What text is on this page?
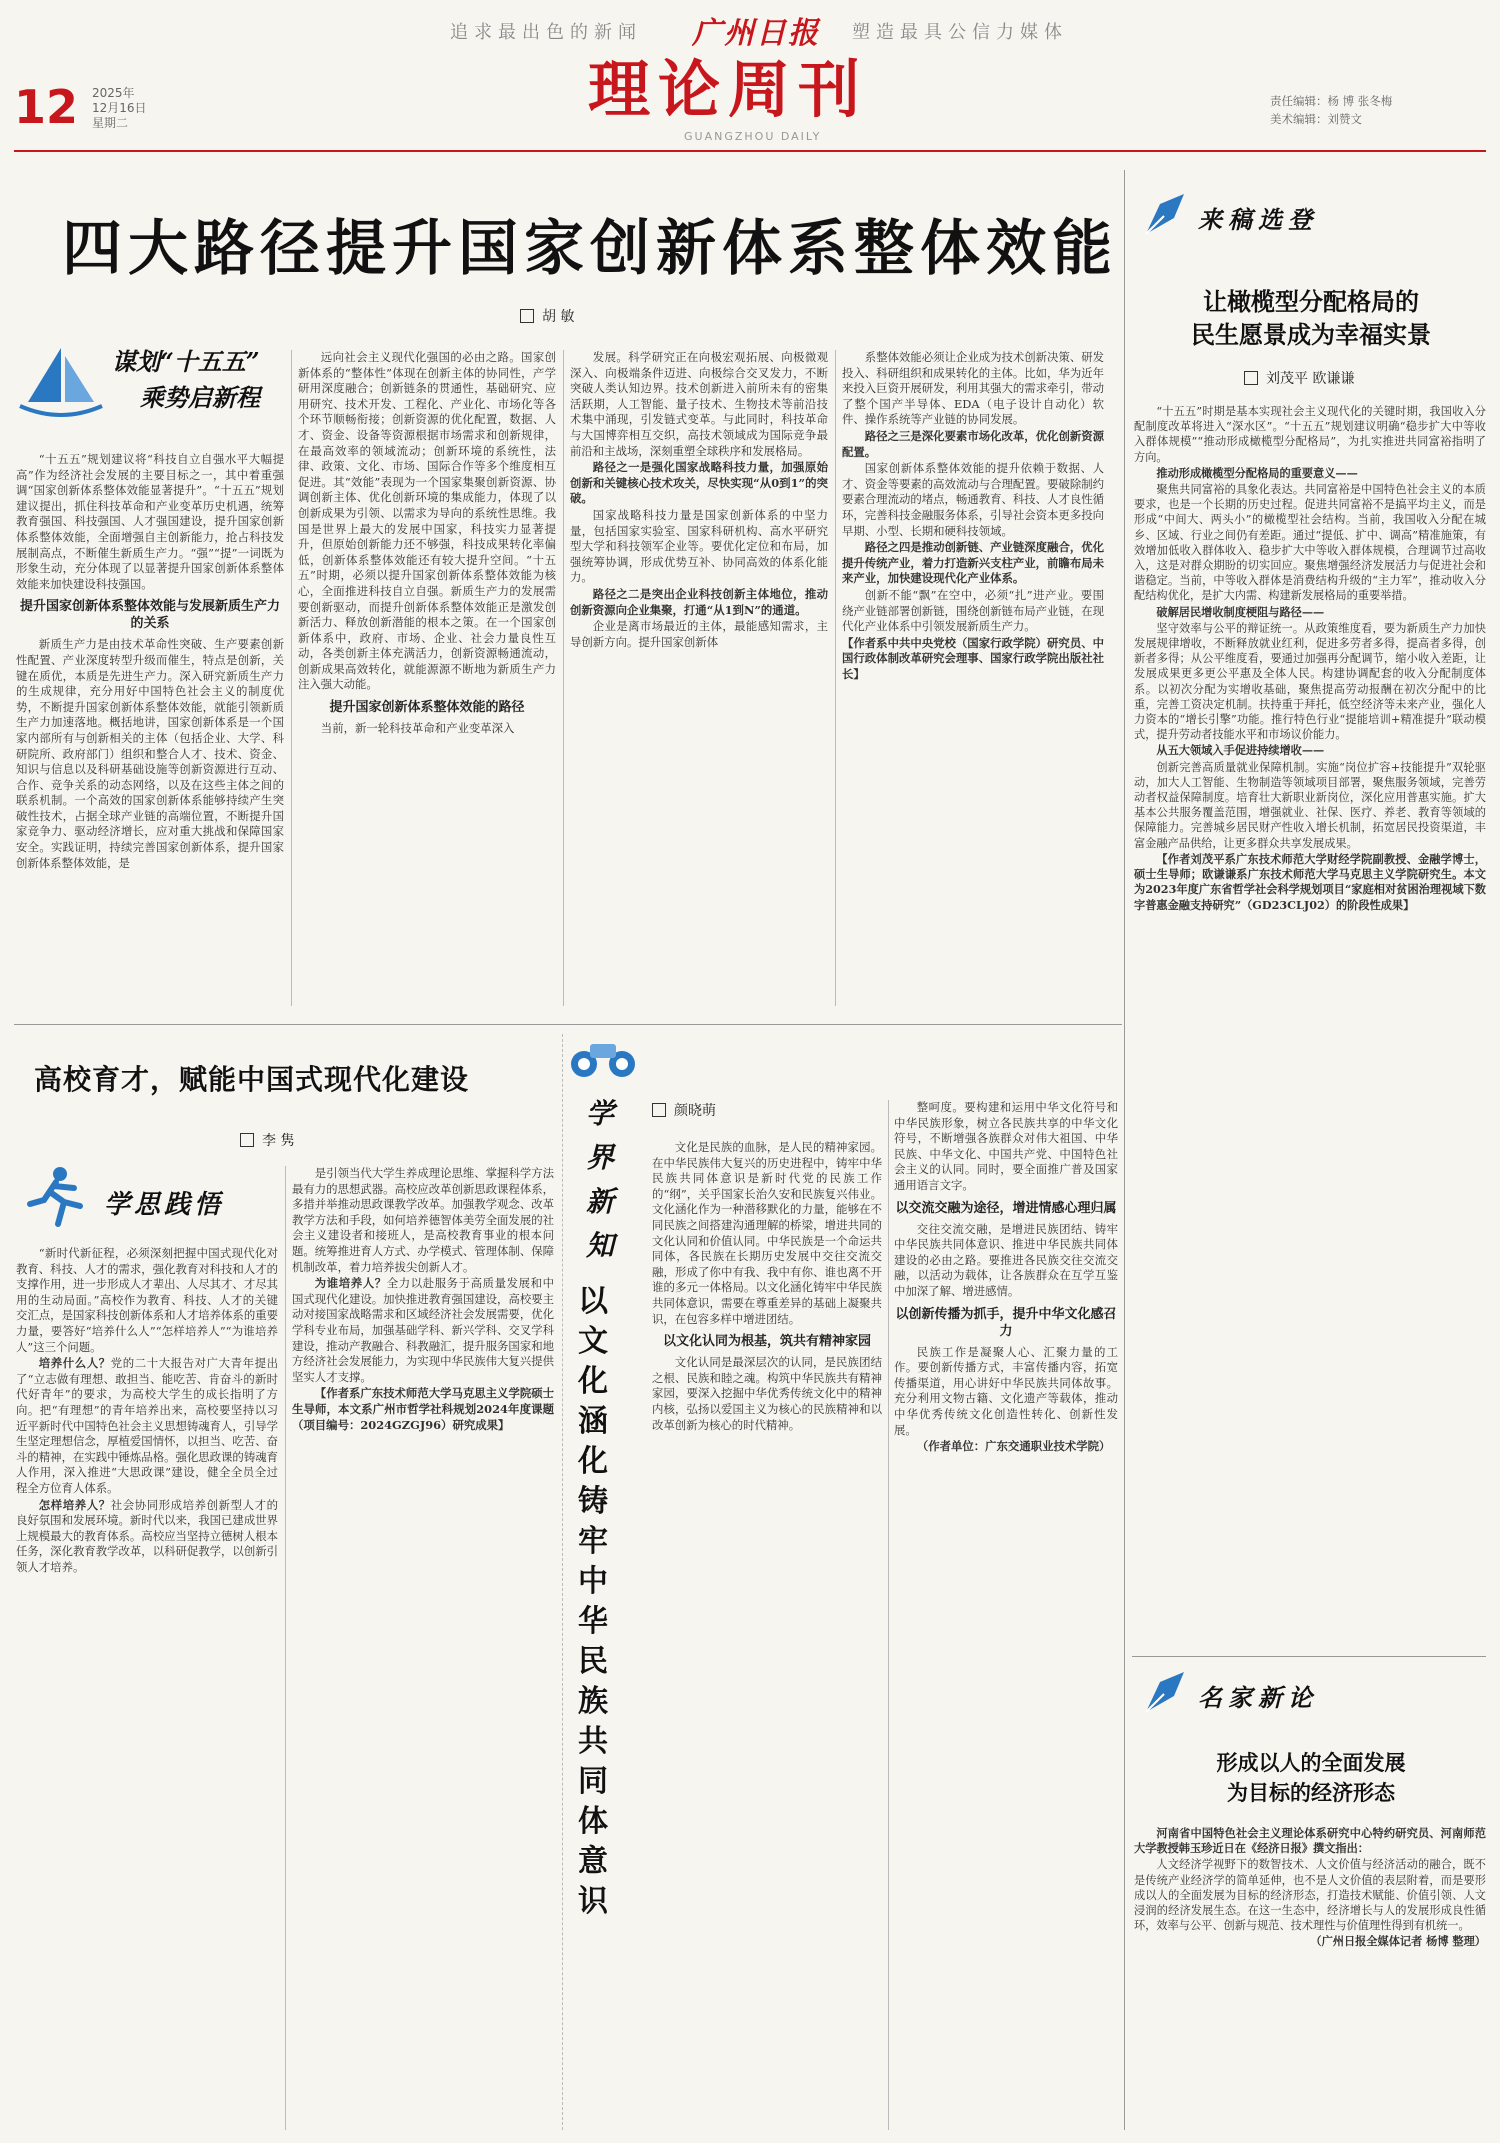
追求最出色的新闻 广州日报 塑造最具公信力媒体
12 2025年
12月16日
星期二	理论周刊
GUANGZHOU DAILY
责任编辑：杨 博 张冬梅
美术编辑：刘赞文
四大路径提升国家创新体系整体效能
胡 敏
谋划“十五五”
乘势启新程

“十五五”规划建议将“科技自立自强水平大幅提高”作为经济社会发展的主要目标之一，其中着重强调“国家创新体系整体效能显著提升”。“十五五”规划建议提出，抓住科技革命和产业变革历史机遇，统筹教育强国、科技强国、人才强国建设，提升国家创新体系整体效能，全面增强自主创新能力，抢占科技发展制高点，不断催生新质生产力。“强”“提”一词既为形象生动，充分体现了以显著提升国家创新体系整体效能来加快建设科技强国。

提升国家创新体系整体效能与发展新质生产力的关系

新质生产力是由技术革命性突破、生产要素创新性配置、产业深度转型升级而催生，特点是创新，关键在质优，本质是先进生产力。深入研究新质生产力的生成规律，充分用好中国特色社会主义的制度优势，不断提升国家创新体系整体效能，就能引领新质生产力加速落地。概括地讲，国家创新体系是一个国家内部所有与创新相关的主体（包括企业、大学、科研院所、政府部门）组织和整合人才、技术、资金、知识与信息以及科研基础设施等创新资源进行互动、合作、竞争关系的动态网络，以及在这些主体之间的联系机制。一个高效的国家创新体系能够持续产生突破性技术，占据全球产业链的高端位置，不断提升国家竞争力、驱动经济增长，应对重大挑战和保障国家安全。实践证明，持续完善国家创新体系，提升国家创新体系整体效能，是

远向社会主义现代化强国的必由之路。国家创新体系的“整体性”体现在创新主体的协同性，产学研用深度融合；创新链条的贯通性，基础研究、应用研究、技术开发、工程化、产业化、市场化等各个环节顺畅衔接；创新资源的优化配置，数据、人才、资金、设备等资源根据市场需求和创新规律，在最高效率的领域流动；创新环境的系统性，法律、政策、文化、市场、国际合作等多个维度相互促进。其“效能”表现为一个国家集聚创新资源、协调创新主体、优化创新环境的集成能力，体现了以创新成果为引领、以需求为导向的系统性思维。我国是世界上最大的发展中国家，科技实力显著提升，但原始创新能力还不够强，科技成果转化率偏低，创新体系整体效能还有较大提升空间。“十五五”时期，必须以提升国家创新体系整体效能为核心，全面推进科技自立自强。新质生产力的发展需要创新驱动，而提升创新体系整体效能正是激发创新活力、释放创新潜能的根本之策。在一个国家创新体系中，政府、市场、企业、社会力量良性互动，各类创新主体充满活力，创新资源畅通流动，创新成果高效转化，就能源源不断地为新质生产力注入强大动能。

提升国家创新体系整体效能的路径

当前，新一轮科技革命和产业变革深入

发展。科学研究正在向极宏观拓展、向极微观深入、向极端条件迈进、向极综合交叉发力，不断突破人类认知边界。技术创新进入前所未有的密集活跃期，人工智能、量子技术、生物技术等前沿技术集中涌现，引发链式变革。与此同时，科技革命与大国博弈相互交织，高技术领域成为国际竞争最前沿和主战场，深刻重塑全球秩序和发展格局。

路径之一是强化国家战略科技力量，加强原始创新和关键核心技术攻关，尽快实现“从0到1”的突破。

国家战略科技力量是国家创新体系的中坚力量，包括国家实验室、国家科研机构、高水平研究型大学和科技领军企业等。要优化定位和布局，加强统筹协调，形成优势互补、协同高效的体系化能力。

路径之二是突出企业科技创新主体地位，推动创新资源向企业集聚，打通“从1到N”的通道。

企业是离市场最近的主体，最能感知需求，主导创新方向。提升国家创新体

系整体效能必须让企业成为技术创新决策、研发投入、科研组织和成果转化的主体。比如，华为近年来投入巨资开展研发，利用其强大的需求牵引，带动了整个国产半导体、EDA（电子设计自动化）软件、操作系统等产业链的协同发展。

路径之三是深化要素市场化改革，优化创新资源配置。

国家创新体系整体效能的提升依赖于数据、人才、资金等要素的高效流动与合理配置。要破除制约要素合理流动的堵点，畅通教育、科技、人才良性循环，完善科技金融服务体系，引导社会资本更多投向早期、小型、长期和硬科技领域。

路径之四是推动创新链、产业链深度融合，优化提升传统产业，着力打造新兴支柱产业，前瞻布局未来产业，加快建设现代化产业体系。

创新不能“飘”在空中，必须“扎”进产业。要围绕产业链部署创新链，围绕创新链布局产业链，在现代化产业体系中引领发展新质生产力。

【作者系中共中央党校（国家行政学院）研究员、中国行政体制改革研究会理事、国家行政学院出版社社长】

来稿选登
让橄榄型分配格局的
民生愿景成为幸福实景
刘茂平 欧谦谦

“十五五”时期是基本实现社会主义现代化的关键时期，我国收入分配制度改革将进入“深水区”。“十五五”规划建议明确“稳步扩大中等收入群体规模”“推动形成橄榄型分配格局”，为扎实推进共同富裕指明了方向。

推动形成橄榄型分配格局的重要意义——

聚焦共同富裕的具象化表达。共同富裕是中国特色社会主义的本质要求，也是一个长期的历史过程。促进共同富裕不是搞平均主义，而是形成“中间大、两头小”的橄榄型社会结构。当前，我国收入分配在城乡、区域、行业之间仍有差距。通过“提低、扩中、调高”精准施策，有效增加低收入群体收入、稳步扩大中等收入群体规模，合理调节过高收入，这是对群众期盼的切实回应。聚焦增强经济发展活力与促进社会和谐稳定。当前，中等收入群体是消费结构升级的“主力军”，推动收入分配结构优化，是扩大内需、构建新发展格局的重要举措。

破解居民增收制度梗阻与路径——

坚守效率与公平的辩证统一。从政策维度看，要为新质生产力加快发展规律增收，不断释放就业红利，促进多劳者多得，提高者多得，创新者多得；从公平维度看，要通过加强再分配调节，缩小收入差距，让发展成果更多更公平惠及全体人民。构建协调配套的收入分配制度体系。以初次分配为实增收基础，聚焦提高劳动报酬在初次分配中的比重，完善工资决定机制。扶持重于拜托，低空经济等未来产业，强化人力资本的“增长引擎”功能。推行特色行业“提能培训+精准提升”联动模式，提升劳动者技能水平和市场议价能力。

从五大领域入手促进持续增收——

创新完善高质量就业保障机制。实施“岗位扩容+技能提升”双轮驱动，加大人工智能、生物制造等领域项目部署，聚焦服务领域，完善劳动者权益保障制度。培育壮大新职业新岗位，深化应用普惠实施。扩大基本公共服务覆盖范围，增强就业、社保、医疗、养老、教育等领域的保障能力。完善城乡居民财产性收入增长机制，拓宽居民投资渠道，丰富金融产品供给，让更多群众共享发展成果。

【作者刘茂平系广东技术师范大学财经学院副教授、金融学博士，硕士生导师；欧谦谦系广东技术师范大学马克思主义学院研究生。本文为2023年度广东省哲学社会科学规划项目“家庭相对贫困治理视域下数字普惠金融支持研究”（GD23CLJ02）的阶段性成果】

名家新论
形成以人的全面发展
为目标的经济形态

河南省中国特色社会主义理论体系研究中心特约研究员、河南师范大学教授韩玉珍近日在《经济日报》撰文指出：

人文经济学视野下的数智技术、人文价值与经济活动的融合，既不是传统产业经济学的简单延伸，也不是人文价值的表层附着，而是要形成以人的全面发展为目标的经济形态，打造技术赋能、价值引领、人文浸润的经济发展生态。在这一生态中，经济增长与人的发展形成良性循环，效率与公平、创新与规范、技术理性与价值理性得到有机统一。

（广州日报全媒体记者 杨博 整理）

高校育才，赋能中国式现代化建设
李 隽
学思践悟

“新时代新征程，必须深刻把握中国式现代化对教育、科技、人才的需求，强化教育对科技和人才的支撑作用，进一步形成人才辈出、人尽其才、才尽其用的生动局面。”高校作为教育、科技、人才的关键交汇点，是国家科技创新体系和人才培养体系的重要力量，要答好“培养什么人”“怎样培养人”“为谁培养人”这三个问题。

培养什么人？党的二十大报告对广大青年提出了“立志做有理想、敢担当、能吃苦、肯奋斗的新时代好青年”的要求，为高校大学生的成长指明了方向。把“有理想”的青年培养出来，高校要坚持以习近平新时代中国特色社会主义思想铸魂育人，引导学生坚定理想信念，厚植爱国情怀，以担当、吃苦、奋斗的精神，在实践中锤炼品格。强化思政课的铸魂育人作用，深入推进“大思政课”建设，健全全员全过程全方位育人体系。

怎样培养人？社会协同形成培养创新型人才的良好氛围和发展环境。新时代以来，我国已建成世界上规模最大的教育体系。高校应当坚持立德树人根本任务，深化教育教学改革，以科研促教学，以创新引领人才培养。

是引领当代大学生养成理论思维、掌握科学方法最有力的思想武器。高校应改革创新思政课程体系，多措并举推动思政课教学改革。加强教学观念、改革教学方法和手段，如何培养德智体美劳全面发展的社会主义建设者和接班人，是高校教育事业的根本问题。统筹推进育人方式、办学模式、管理体制、保障机制改革，着力培养拔尖创新人才。

为谁培养人？全力以赴服务于高质量发展和中国式现代化建设。加快推进教育强国建设，高校要主动对接国家战略需求和区域经济社会发展需要，优化学科专业布局，加强基础学科、新兴学科、交叉学科建设，推动产教融合、科教融汇，提升服务国家和地方经济社会发展能力，为实现中华民族伟大复兴提供坚实人才支撑。

【作者系广东技术师范大学马克思主义学院硕士生导师，本文系广州市哲学社科规划2024年度课题（项目编号：2024GZGJ96）研究成果】

学界新知
以文化涵化铸牢中华民族共同体意识
颜晓萌

文化是民族的血脉，是人民的精神家园。在中华民族伟大复兴的历史进程中，铸牢中华民族共同体意识是新时代党的民族工作的“纲”，关乎国家长治久安和民族复兴伟业。文化涵化作为一种潜移默化的力量，能够在不同民族之间搭建沟通理解的桥梁，增进共同的文化认同和价值认同。中华民族是一个命运共同体，各民族在长期历史发展中交往交流交融，形成了你中有我、我中有你、谁也离不开谁的多元一体格局。以文化涵化铸牢中华民族共同体意识，需要在尊重差异的基础上凝聚共识，在包容多样中增进团结。

以文化认同为根基，筑共有精神家园

文化认同是最深层次的认同，是民族团结之根、民族和睦之魂。构筑中华民族共有精神家园，要深入挖掘中华优秀传统文化中的精神内核，弘扬以爱国主义为核心的民族精神和以改革创新为核心的时代精神。

整呵度。要构建和运用中华文化符号和中华民族形象，树立各民族共享的中华文化符号，不断增强各族群众对伟大祖国、中华民族、中华文化、中国共产党、中国特色社会主义的认同。同时，要全面推广普及国家通用语言文字。

以交流交融为途径，增进情感心理归属

交往交流交融，是增进民族团结、铸牢中华民族共同体意识、推进中华民族共同体建设的必由之路。要推进各民族交往交流交融，以活动为载体，让各族群众在互学互鉴中加深了解、增进感情。

以创新传播为抓手，提升中华文化感召力

民族工作是凝聚人心、汇聚力量的工作。要创新传播方式，丰富传播内容，拓宽传播渠道，用心讲好中华民族共同体故事。充分利用文物古籍、文化遗产等载体，推动中华优秀传统文化创造性转化、创新性发展。

（作者单位：广东交通职业技术学院）
